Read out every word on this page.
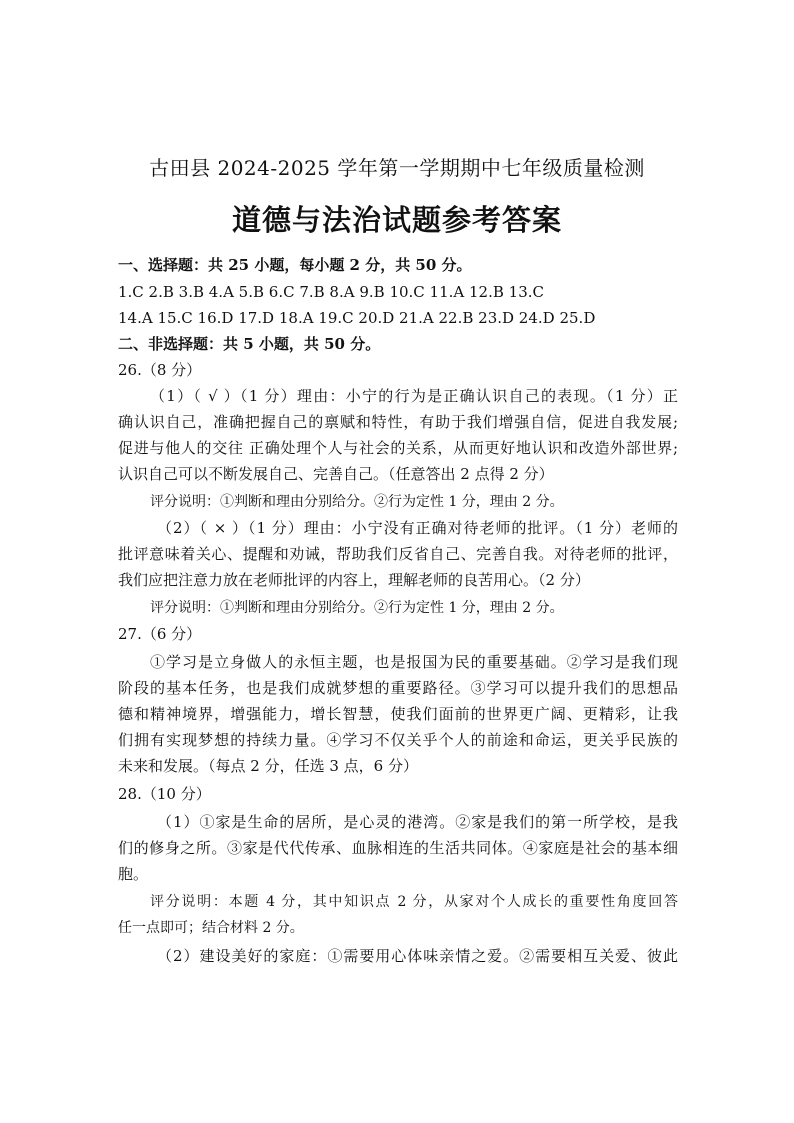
古田县 2024-2025 学年第一学期期中七年级质量检测
道德与法治试题参考答案
一、选择题：共 25 小题，每小题 2 分，共 50 分。
1.C 2.B 3.B 4.A 5.B 6.C 7.B 8.A 9.B 10.C 11.A 12.B 13.C
14.A 15.C 16.D 17.D 18.A 19.C 20.D 21.A 22.B 23.D 24.D 25.D
二、非选择题：共 5 小题，共 50 分。
26.（8 分）
（1）（ √ ）（1 分）理由：小宁的行为是正确认识自己的表现。（1 分）正
确认识自己，准确把握自己的禀赋和特性，有助于我们增强自信，促进自我发展;
促进与他人的交往 正确处理个人与社会的关系，从而更好地认识和改造外部世界;
认识自己可以不断发展自己、完善自己。（任意答出 2 点得 2 分）
评分说明：①判断和理由分别给分。②行为定性 1 分，理由 2 分。
（2）（ × ）（1 分）理由：小宁没有正确对待老师的批评。（1 分）老师的
批评意味着关心、提醒和劝诫，帮助我们反省自己、完善自我。对待老师的批评，
我们应把注意力放在老师批评的内容上，理解老师的良苦用心。（2 分）
评分说明：①判断和理由分别给分。②行为定性 1 分，理由 2 分。
27.（6 分）
①学习是立身做人的永恒主题，也是报国为民的重要基础。②学习是我们现
阶段的基本任务，也是我们成就梦想的重要路径。③学习可以提升我们的思想品
德和精神境界，增强能力，增长智慧，使我们面前的世界更广阔、更精彩，让我
们拥有实现梦想的持续力量。④学习不仅关乎个人的前途和命运，更关乎民族的
未来和发展。（每点 2 分，任选 3 点，6 分）
28.（10 分）
（1）①家是生命的居所，是心灵的港湾。②家是我们的第一所学校，是我
们的修身之所。③家是代代传承、血脉相连的生活共同体。④家庭是社会的基本细
胞。
评分说明：本题 4 分，其中知识点 2 分，从家对个人成长的重要性角度回答
任一点即可；结合材料 2 分。
（2）建设美好的家庭：①需要用心体味亲情之爱。②需要相互关爱、彼此
